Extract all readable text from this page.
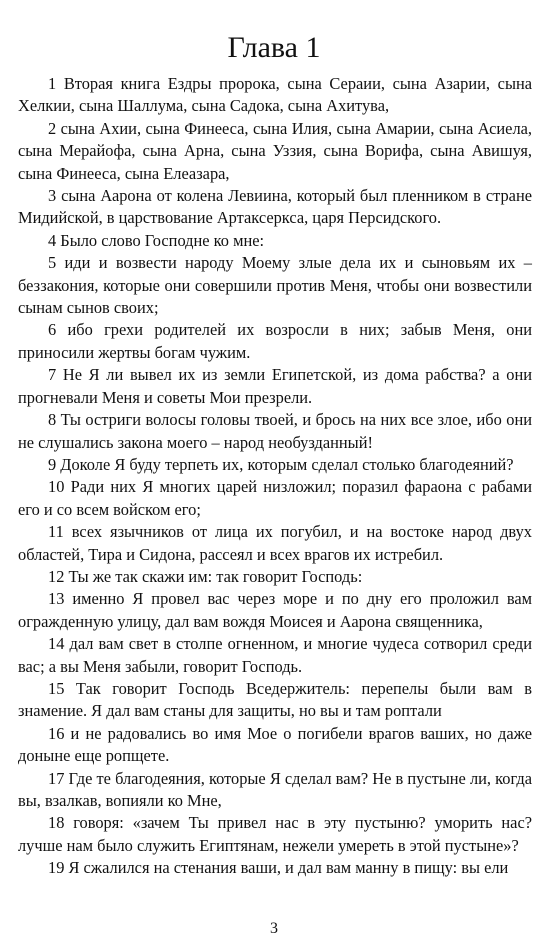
Глава 1

1 Вторая книга Ездры пророка, сына Сераии, сына Азарии, сына Хелкии, сына Шаллума, сына Садока, сына Ахитува,

2 сына Ахии, сына Финееса, сына Илия, сына Амарии, сына Асиела, сына Мерайофа, сына Арна, сына Уззия, сына Ворифа, сына Авишуя, сына Финееса, сына Елеазара,

3 сына Аарона от колена Левиина, который был пленником в стране Мидийской, в царствование Артаксеркса, царя Персидского.

4 Было слово Господне ко мне:

5 иди и возвести народу Моему злые дела их и сыновьям их – беззакония, которые они совершили против Меня, чтобы они возвестили сынам сынов своих;

6 ибо грехи родителей их возросли в них; забыв Меня, они приносили жертвы богам чужим.

7 Не Я ли вывел их из земли Египетской, из дома рабства? а они прогневали Меня и советы Мои презрели.

8 Ты остриги волосы головы твоей, и брось на них все злое, ибо они не слушались закона моего – народ необузданный!

9 Доколе Я буду терпеть их, которым сделал столько благодеяний?

10 Ради них Я многих царей низложил; поразил фараона с рабами его и со всем войском его;

11 всех язычников от лица их погубил, и на востоке народ двух областей, Тира и Сидона, рассеял и всех врагов их истребил.

12 Ты же так скажи им: так говорит Господь:

13 именно Я провел вас через море и по дну его проложил вам огражденную улицу, дал вам вождя Моисея и Аарона священника,

14 дал вам свет в столпе огненном, и многие чудеса сотворил среди вас; а вы Меня забыли, говорит Господь.

15 Так говорит Господь Вседержитель: перепелы были вам в знамение. Я дал вам станы для защиты, но вы и там роптали

16 и не радовались во имя Мое о погибели врагов ваших, но даже доныне еще ропщете.

17 Где те благодеяния, которые Я сделал вам? Не в пустыне ли, когда вы, взалкав, вопияли ко Мне,

18 говоря: «зачем Ты привел нас в эту пустыню? уморить нас? лучше нам было служить Египтянам, нежели умереть в этой пустыне»?

19 Я сжалился на стенания ваши, и дал вам манну в пищу: вы ели

3
